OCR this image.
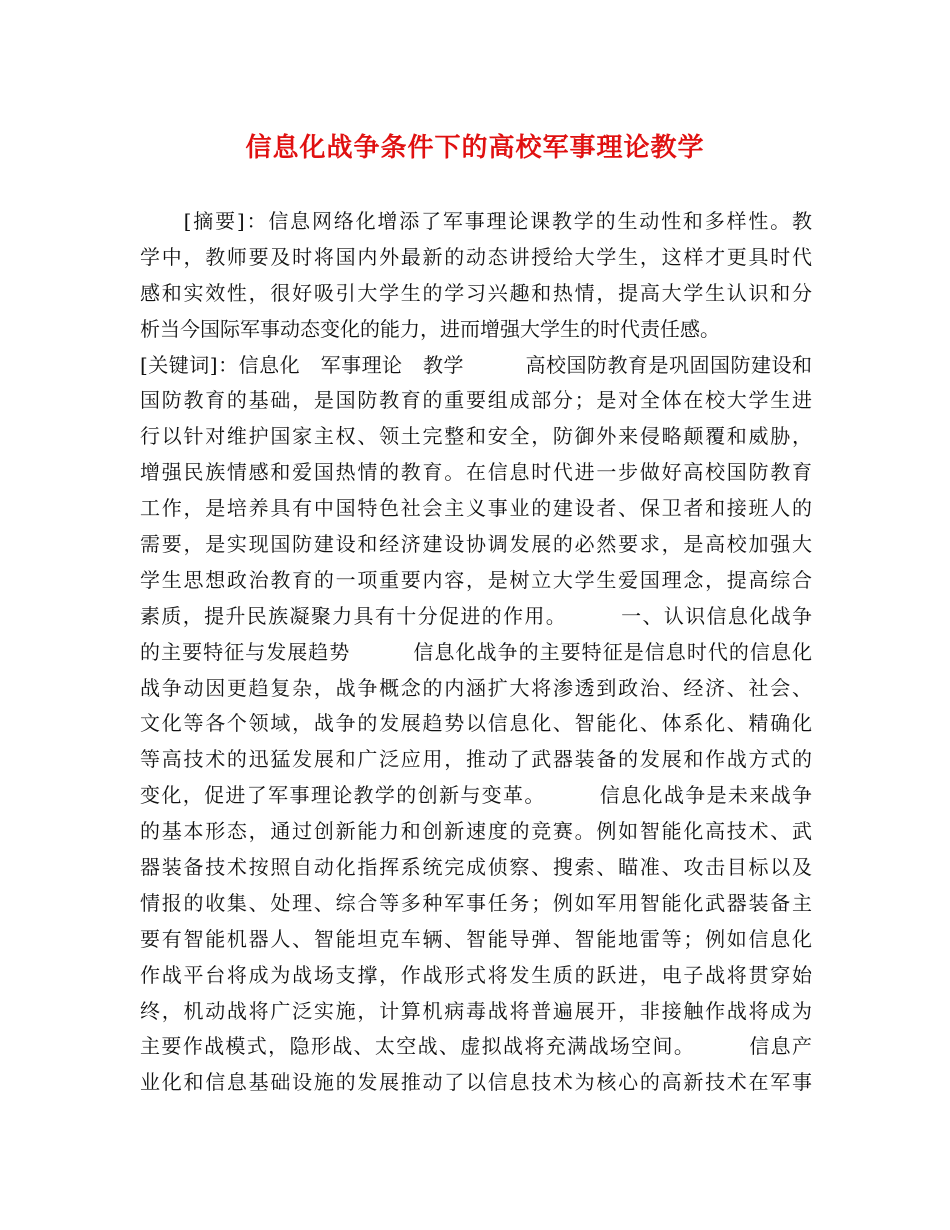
信息化战争条件下的高校军事理论教学
　　[摘要]：信息网络化增添了军事理论课教学的生动性和多样性。教
学中，教师要及时将国内外最新的动态讲授给大学生，这样才更具时代
感和实效性，很好吸引大学生的学习兴趣和热情，提高大学生认识和分
析当今国际军事动态变化的能力，进而增强大学生的时代责任感。
[关键词]：信息化　军事理论　教学　　　高校国防教育是巩固国防建设和
国防教育的基础，是国防教育的重要组成部分；是对全体在校大学生进
行以针对维护国家主权、领土完整和安全，防御外来侵略颠覆和威胁，
增强民族情感和爱国热情的教育。在信息时代进一步做好高校国防教育
工作，是培养具有中国特色社会主义事业的建设者、保卫者和接班人的
需要，是实现国防建设和经济建设协调发展的必然要求，是高校加强大
学生思想政治教育的一项重要内容，是树立大学生爱国理念，提高综合
素质，提升民族凝聚力具有十分促进的作用。　　　一、认识信息化战争
的主要特征与发展趋势　　　信息化战争的主要特征是信息时代的信息化
战争动因更趋复杂，战争概念的内涵扩大将渗透到政治、经济、社会、
文化等各个领域，战争的发展趋势以信息化、智能化、体系化、精确化
等高技术的迅猛发展和广泛应用，推动了武器装备的发展和作战方式的
变化，促进了军事理论教学的创新与变革。　　　信息化战争是未来战争
的基本形态，通过创新能力和创新速度的竞赛。例如智能化高技术、武
器装备技术按照自动化指挥系统完成侦察、搜索、瞄准、攻击目标以及
情报的收集、处理、综合等多种军事任务；例如军用智能化武器装备主
要有智能机器人、智能坦克车辆、智能导弹、智能地雷等；例如信息化
作战平台将成为战场支撑，作战形式将发生质的跃进，电子战将贯穿始
终，机动战将广泛实施，计算机病毒战将普遍展开，非接触作战将成为
主要作战模式，隐形战、太空战、虚拟战将充满战场空间。　　　信息产
业化和信息基础设施的发展推动了以信息技术为核心的高新技术在军事
